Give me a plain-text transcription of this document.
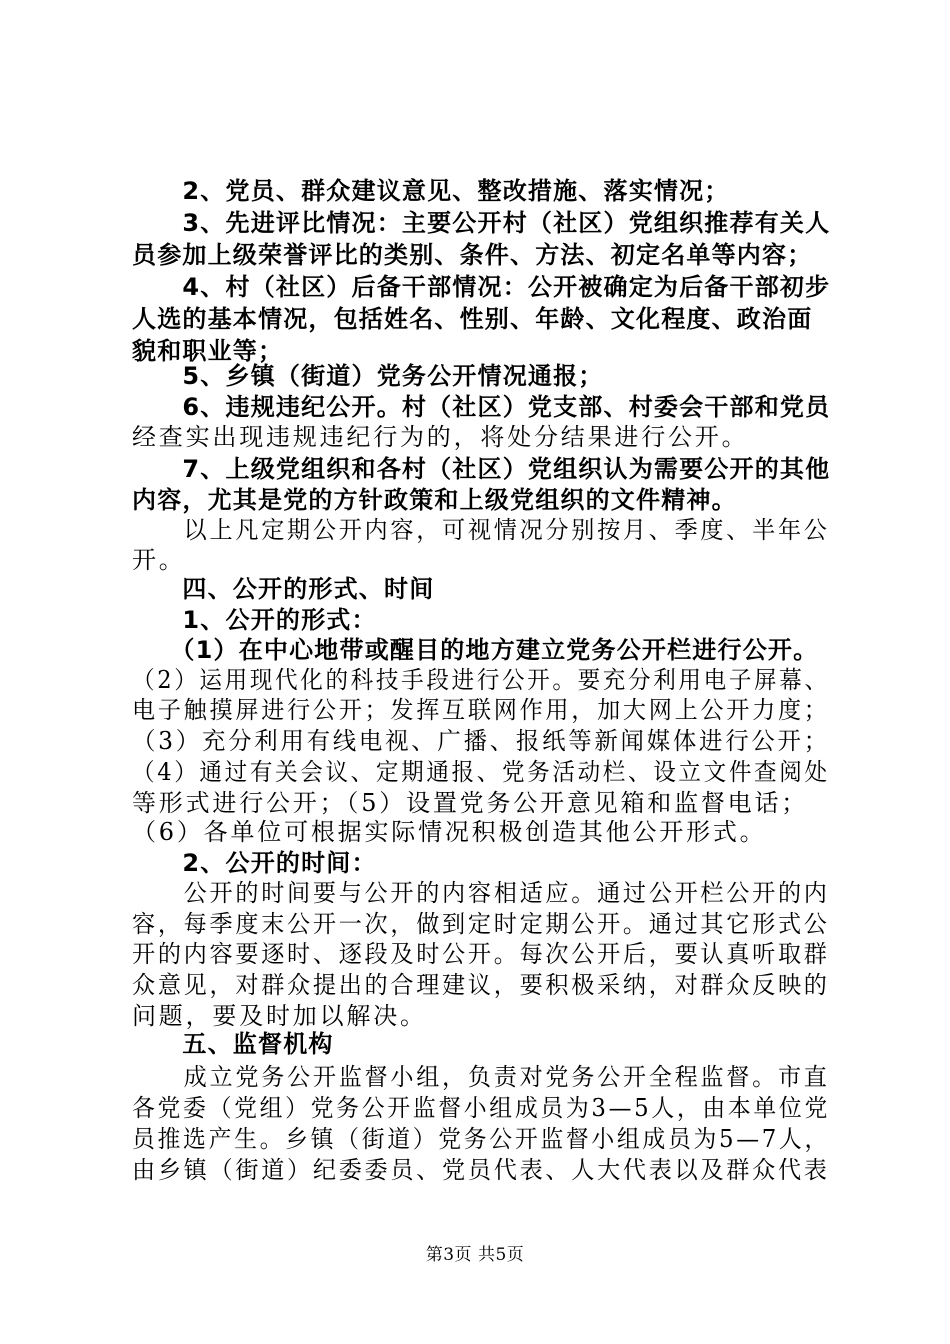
　　2、党员、群众建议意见、整改措施、落实情况；
　　3、先进评比情况：主要公开村（社区）党组织推荐有关人
员参加上级荣誉评比的类别、条件、方法、初定名单等内容；
　　4、村（社区）后备干部情况：公开被确定为后备干部初步
人选的基本情况，包括姓名、性别、年龄、文化程度、政治面
貌和职业等；
　　5、乡镇（街道）党务公开情况通报；
　　6、违规违纪公开。村（社区）党支部、村委会干部和党员
经查实出现违规违纪行为的，将处分结果进行公开。
　　7、上级党组织和各村（社区）党组织认为需要公开的其他
内容，尤其是党的方针政策和上级党组织的文件精神。
　　以上凡定期公开内容，可视情况分别按月、季度、半年公
开。
　　四、公开的形式、时间
　　1、公开的形式：
　　（1）在中心地带或醒目的地方建立党务公开栏进行公开。
（2）运用现代化的科技手段进行公开。要充分利用电子屏幕、
电子触摸屏进行公开；发挥互联网作用，加大网上公开力度；
（3）充分利用有线电视、广播、报纸等新闻媒体进行公开；
（4）通过有关会议、定期通报、党务活动栏、设立文件查阅处
等形式进行公开；（5）设置党务公开意见箱和监督电话；
（6）各单位可根据实际情况积极创造其他公开形式。
　　2、公开的时间：
　　公开的时间要与公开的内容相适应。通过公开栏公开的内
容，每季度末公开一次，做到定时定期公开。通过其它形式公
开的内容要逐时、逐段及时公开。每次公开后，要认真听取群
众意见，对群众提出的合理建议，要积极采纳，对群众反映的
问题，要及时加以解决。
　　五、监督机构
　　成立党务公开监督小组，负责对党务公开全程监督。市直
各党委（党组）党务公开监督小组成员为3—5人，由本单位党
员推选产生。乡镇（街道）党务公开监督小组成员为5—7人，
由乡镇（街道）纪委委员、党员代表、人大代表以及群众代表
第3页 共5页
